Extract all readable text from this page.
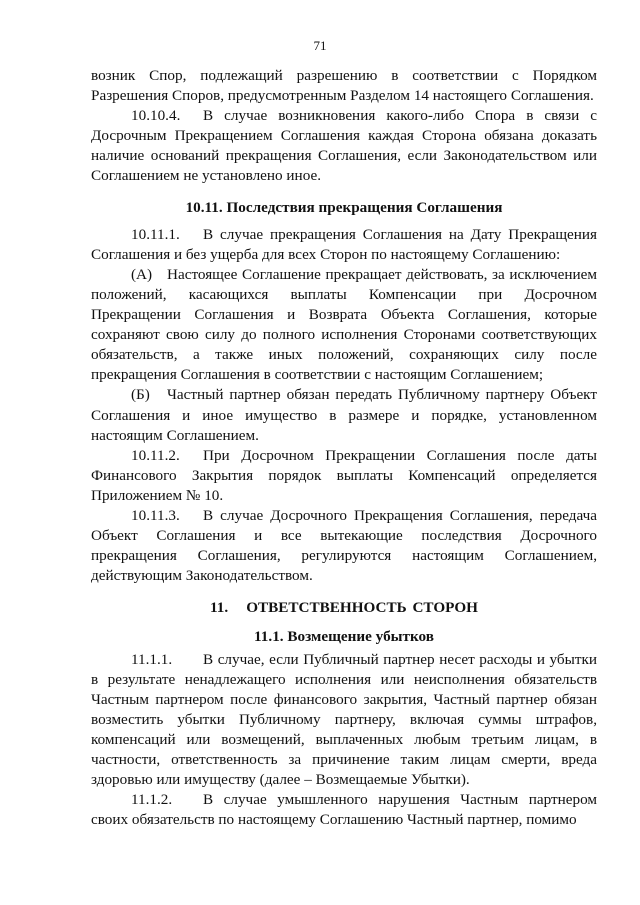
71

возник Спор, подлежащий разрешению в соответствии с Порядком Разрешения Споров, предусмотренным Разделом 14 настоящего Соглашения.

10.10.4. В случае возникновения какого-либо Спора в связи с Досрочным Прекращением Соглашения каждая Сторона обязана доказать наличие оснований прекращения Соглашения, если Законодательством или Соглашением не установлено иное.

10.11. Последствия прекращения Соглашения

10.11.1. В случае прекращения Соглашения на Дату Прекращения Соглашения и без ущерба для всех Сторон по настоящему Соглашению:

(А) Настоящее Соглашение прекращает действовать, за исключением положений, касающихся выплаты Компенсации при Досрочном Прекращении Соглашения и Возврата Объекта Соглашения, которые сохраняют свою силу до полного исполнения Сторонами соответствующих обязательств, а также иных положений, сохраняющих силу после прекращения Соглашения в соответствии с настоящим Соглашением;

(Б) Частный партнер обязан передать Публичному партнеру Объект Соглашения и иное имущество в размере и порядке, установленном настоящим Соглашением.

10.11.2. При Досрочном Прекращении Соглашения после даты Финансового Закрытия порядок выплаты Компенсаций определяется Приложением № 10.

10.11.3. В случае Досрочного Прекращения Соглашения, передача Объект Соглашения и все вытекающие последствия Досрочного прекращения Соглашения, регулируются настоящим Соглашением, действующим Законодательством.

11. ОТВЕТСТВЕННОСТЬ СТОРОН

11.1. Возмещение убытков

11.1.1. В случае, если Публичный партнер несет расходы и убытки в результате ненадлежащего исполнения или неисполнения обязательств Частным партнером после финансового закрытия, Частный партнер обязан возместить убытки Публичному партнеру, включая суммы штрафов, компенсаций или возмещений, выплаченных любым третьим лицам, в частности, ответственность за причинение таким лицам смерти, вреда здоровью или имуществу (далее – Возмещаемые Убытки).

11.1.2. В случае умышленного нарушения Частным партнером своих обязательств по настоящему Соглашению Частный партнер, помимо
